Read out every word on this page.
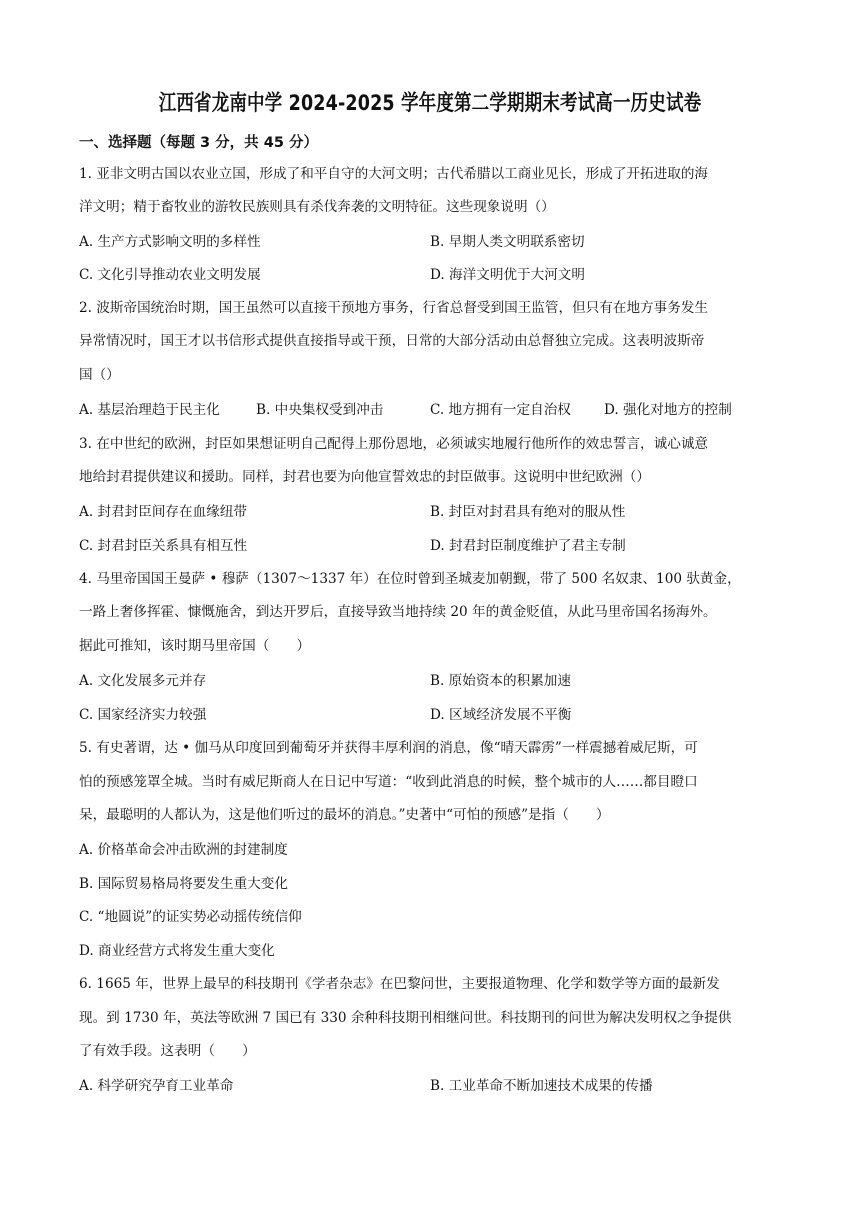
江西省龙南中学 2024-2025 学年度第二学期期末考试高一历史试卷
一、选择题（每题 3 分，共 45 分）
1. 亚非文明古国以农业立国，形成了和平自守的大河文明；古代希腊以工商业见长，形成了开拓进取的海
洋文明；精于畜牧业的游牧民族则具有杀伐奔袭的文明特征。这些现象说明（）
A. 生产方式影响文明的多样性	B. 早期人类文明联系密切
C. 文化引导推动农业文明发展	D. 海洋文明优于大河文明
2. 波斯帝国统治时期，国王虽然可以直接干预地方事务，行省总督受到国王监管，但只有在地方事务发生
异常情况时，国王才以书信形式提供直接指导或干预，日常的大部分活动由总督独立完成。这表明波斯帝
国（）
A. 基层治理趋于民主化	B. 中央集权受到冲击	C. 地方拥有一定自治权 D. 强化对地方的控制
3. 在中世纪的欧洲，封臣如果想证明自己配得上那份恩地，必须诚实地履行他所作的效忠誓言，诚心诚意
地给封君提供建议和援助。同样，封君也要为向他宣誓效忠的封臣做事。这说明中世纪欧洲（）
A. 封君封臣间存在血缘纽带	B. 封臣对封君具有绝对的服从性
C. 封君封臣关系具有相互性	D. 封君封臣制度维护了君主专制
4. 马里帝国国王曼萨 • 穆萨（1307～1337 年）在位时曾到圣城麦加朝觐，带了 500 名奴隶、100 驮黄金，
一路上奢侈挥霍、慷慨施舍，到达开罗后，直接导致当地持续 20 年的黄金贬值，从此马里帝国名扬海外。
据此可推知，该时期马里帝国（　　）
A. 文化发展多元并存	B. 原始资本的积累加速
C. 国家经济实力较强	D. 区域经济发展不平衡
5. 有史著谓，达 • 伽马从印度回到葡萄牙并获得丰厚利润的消息，像“晴天霹雳”一样震撼着威尼斯，可
怕的预感笼罩全城。当时有威尼斯商人在日记中写道：“收到此消息的时候，整个城市的人……都目瞪口
呆，最聪明的人都认为，这是他们听过的最坏的消息。”史著中“可怕的预感”是指（　　）
A. 价格革命会冲击欧洲的封建制度
B. 国际贸易格局将要发生重大变化
C. “地圆说”的证实势必动摇传统信仰
D. 商业经营方式将发生重大变化
6. 1665 年，世界上最早的科技期刊《学者杂志》在巴黎问世，主要报道物理、化学和数学等方面的最新发
现。到 1730 年，英法等欧洲 7 国已有 330 余种科技期刊相继问世。科技期刊的问世为解决发明权之争提供
了有效手段。这表明（　　）
A. 科学研究孕育工业革命	B. 工业革命不断加速技术成果的传播
